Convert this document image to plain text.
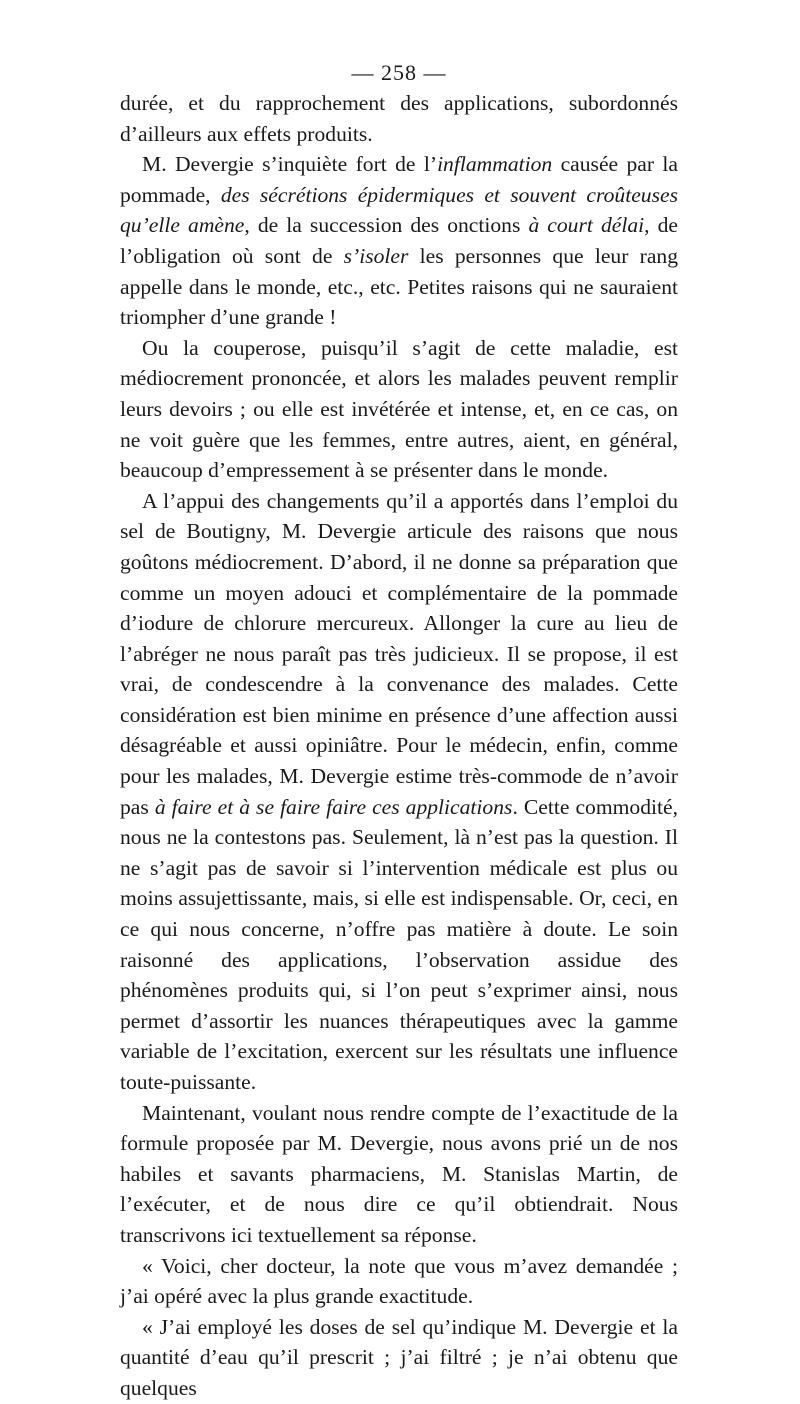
— 258 —

durée, et du rapprochement des applications, subordonnés d’ailleurs aux effets produits.

M. Devergie s’inquiète fort de l’inflammation causée par la pommade, des sécrétions épidermiques et souvent croûteuses qu’elle amène, de la succession des onctions à court délai, de l’obligation où sont de s’isoler les personnes que leur rang appelle dans le monde, etc., etc. Petites raisons qui ne sauraient triompher d’une grande !

Ou la couperose, puisqu’il s’agit de cette maladie, est médiocrement prononcée, et alors les malades peuvent remplir leurs devoirs ; ou elle est invétérée et intense, et, en ce cas, on ne voit guère que les femmes, entre autres, aient, en général, beaucoup d’empressement à se présenter dans le monde.

A l’appui des changements qu’il a apportés dans l’emploi du sel de Boutigny, M. Devergie articule des raisons que nous goûtons médiocrement. D’abord, il ne donne sa préparation que comme un moyen adouci et complémentaire de la pommade d’iodure de chlorure mercureux. Allonger la cure au lieu de l’abréger ne nous paraît pas très judicieux. Il se propose, il est vrai, de condescendre à la convenance des malades. Cette considération est bien minime en présence d’une affection aussi désagréable et aussi opiniâtre. Pour le médecin, enfin, comme pour les malades, M. Devergie estime très-commode de n’avoir pas à faire et à se faire faire ces applications. Cette commodité, nous ne la contestons pas. Seulement, là n’est pas la question. Il ne s’agit pas de savoir si l’intervention médicale est plus ou moins assujettissante, mais, si elle est indispensable. Or, ceci, en ce qui nous concerne, n’offre pas matière à doute. Le soin raisonné des applications, l’observation assidue des phénomènes produits qui, si l’on peut s’exprimer ainsi, nous permet d’assortir les nuances thérapeutiques avec la gamme variable de l’excitation, exercent sur les résultats une influence toute-puissante.

Maintenant, voulant nous rendre compte de l’exactitude de la formule proposée par M. Devergie, nous avons prié un de nos habiles et savants pharmaciens, M. Stanislas Martin, de l’exécuter, et de nous dire ce qu’il obtiendrait. Nous transcrivons ici textuellement sa réponse.

« Voici, cher docteur, la note que vous m’avez demandée ; j’ai opéré avec la plus grande exactitude.

« J’ai employé les doses de sel qu’indique M. Devergie et la quantité d’eau qu’il prescrit ; j’ai filtré ; je n’ai obtenu que quelques
